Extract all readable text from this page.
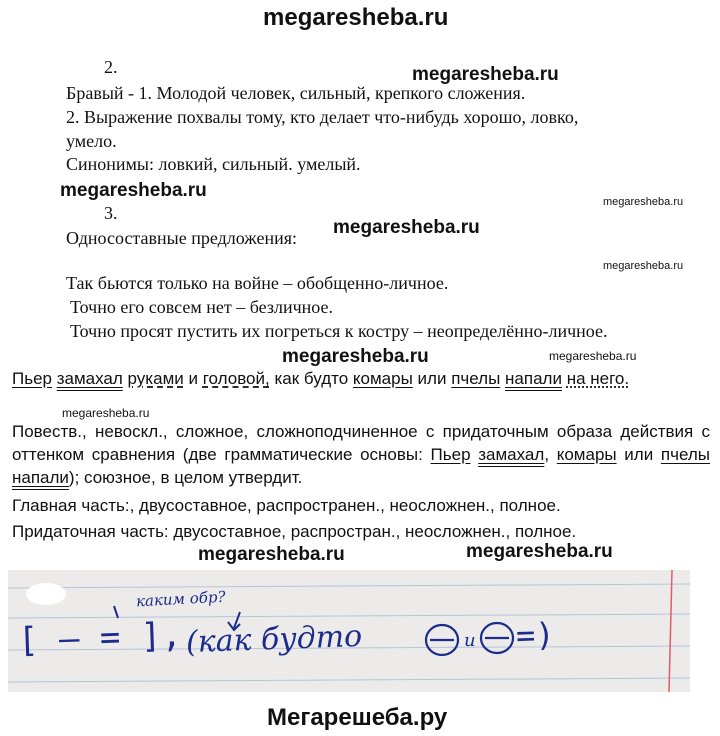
megaresheba.ru
2.	megaresheba.ru
Бравый - 1. Молодой человек, сильный, крепкого сложения.
2. Выражение похвалы тому, кто делает что-нибудь хорошо, ловко,
умело.
Синонимы: ловкий, сильный. умелый.
megaresheba.ru
megaresheba.ru
3.
megaresheba.ru
Односоставные предложения:
megaresheba.ru
Так бьются только на войне – обобщенно-личное.
Точно его совсем нет – безличное.
Точно просят пустить их погреться к костру – неопределённо-личное.
megaresheba.ru	megaresheba.ru
Пьер замахал руками и головой, как будто комары или пчелы напали на него.
megaresheba.ru
Повеств., невоскл., сложное, сложноподчиненное с придаточным образа действия с оттенком сравнения (две грамматические основы: Пьер замахал, комары или пчелы напали); союзное, в целом утвердит.
Главная часть:, двусоставное, распространен., неосложнен., полное.
Придаточная часть: двусоставное, распростран., неосложнен., полное.
megaresheba.ru	megaresheba.ru
каким обр?
[ — = ], (как будто	и =)
Мегарешеба.ру
